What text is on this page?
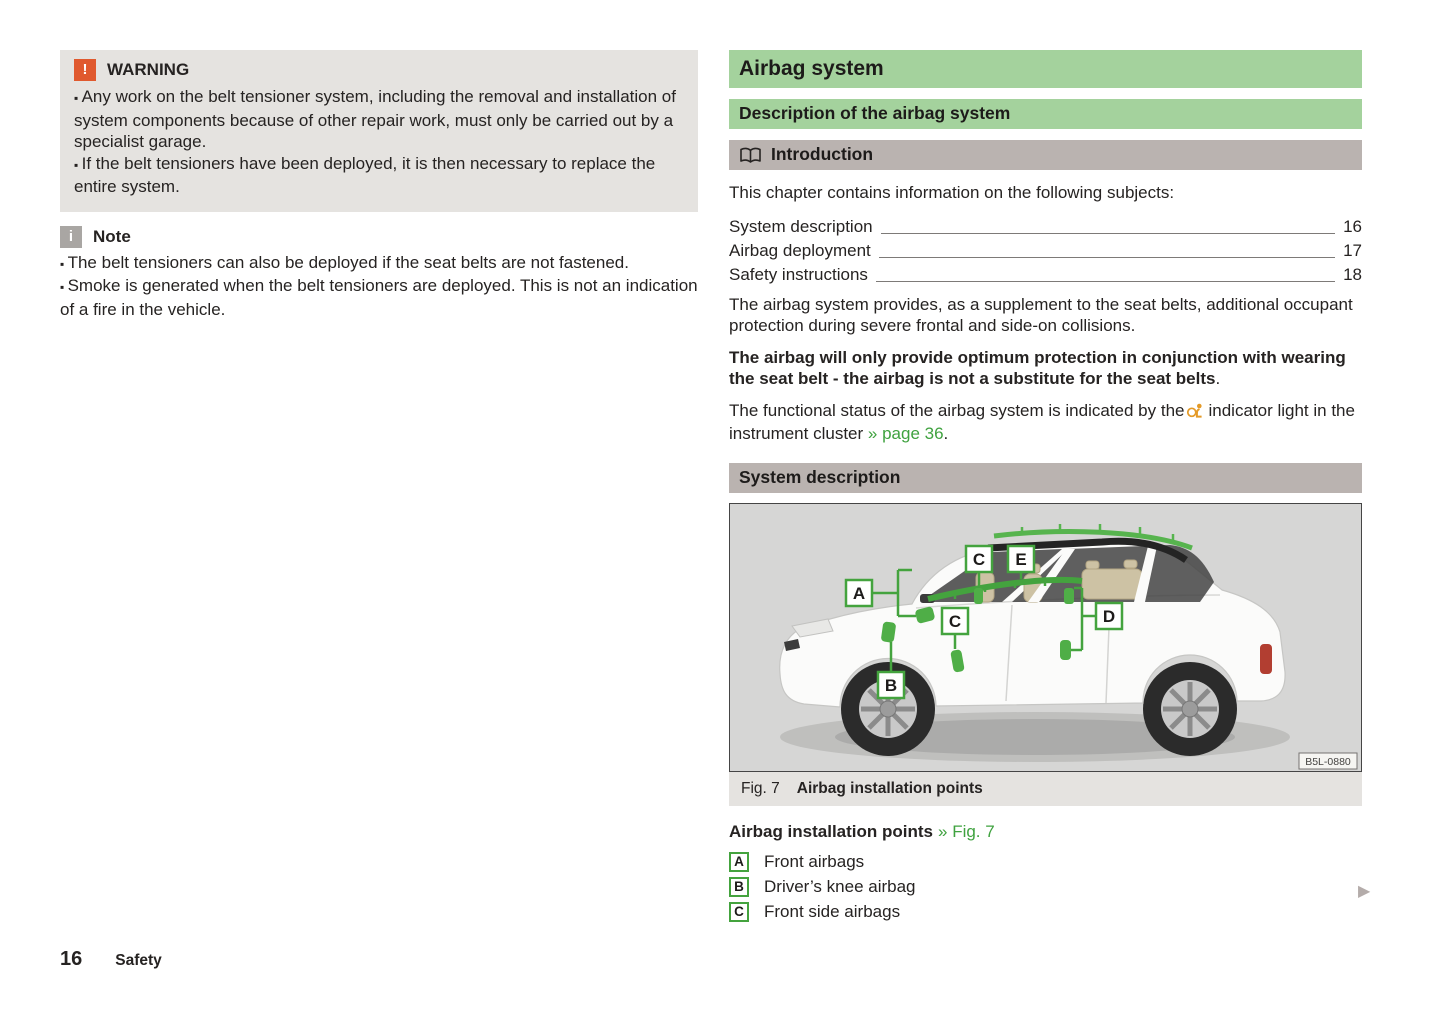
!	WARNING

▪ Any work on the belt tensioner system, including the removal and installation of system components because of other repair work, must only be carried out by a specialist garage.

▪ If the belt tensioners have been deployed, it is then necessary to replace the entire system.

i	Note

▪ The belt tensioners can also be deployed if the seat belts are not fastened.

▪ Smoke is generated when the belt tensioners are deployed. This is not an indication of a fire in the vehicle.

Airbag system
Description of the airbag system
Introduction

This chapter contains information on the following subjects:

System description	16
Airbag deployment	17
Safety instructions	18

The airbag system provides, as a supplement to the seat belts, additional occupant protection during severe frontal and side-on collisions.

The airbag will only provide optimum protection in conjunction with wearing the seat belt - the airbag is not a substitute for the seat belts.

The functional status of the airbag system is indicated by the indicator light in the instrument cluster » page 36.

System description
A
B
C
C	D
E
B5L-0880
Fig. 7 Airbag installation points
Airbag installation points » Fig. 7
A	Front airbags
B	Driver’s knee airbag
C	Front side airbags
▶
16 Safety
